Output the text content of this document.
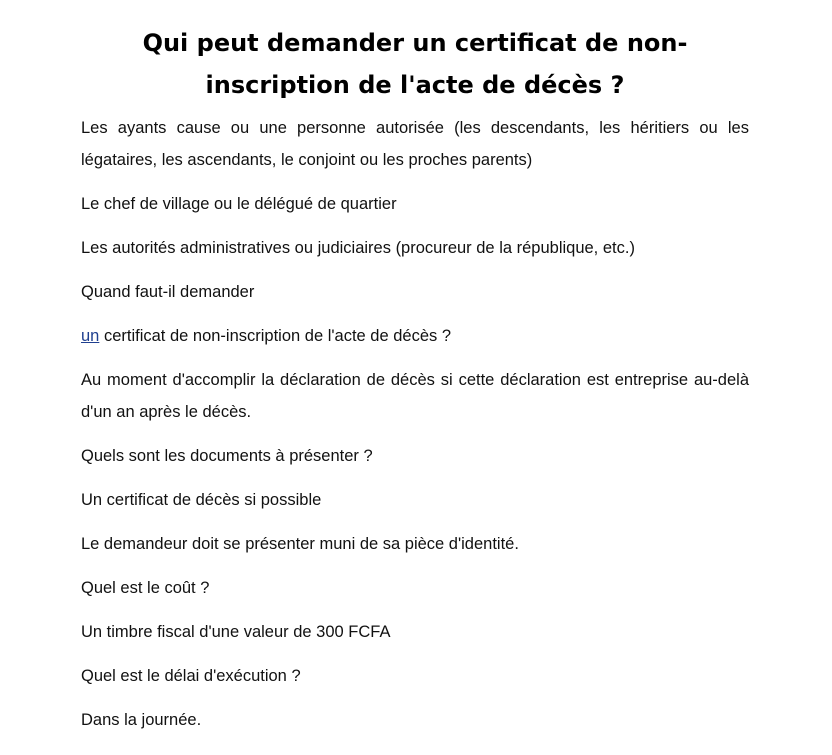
Qui peut demander un certificat de non-inscription de l'acte de décès ?

Les ayants cause ou une personne autorisée (les descendants, les héritiers ou les légataires, les ascendants, le conjoint ou les proches parents)

Le chef de village ou le délégué de quartier

Les autorités administratives ou judiciaires (procureur de la république, etc.)

Quand faut-il demander

un certificat de non-inscription de l'acte de décès ?

Au moment d'accomplir la déclaration de décès si cette déclaration est entreprise au-delà d'un an après le décès.

Quels sont les documents à présenter ?

Un certificat de décès si possible

Le demandeur doit se présenter muni de sa pièce d'identité.

Quel est le coût ?

Un timbre fiscal d'une valeur de 300 FCFA

Quel est le délai d'exécution ?

Dans la journée.
